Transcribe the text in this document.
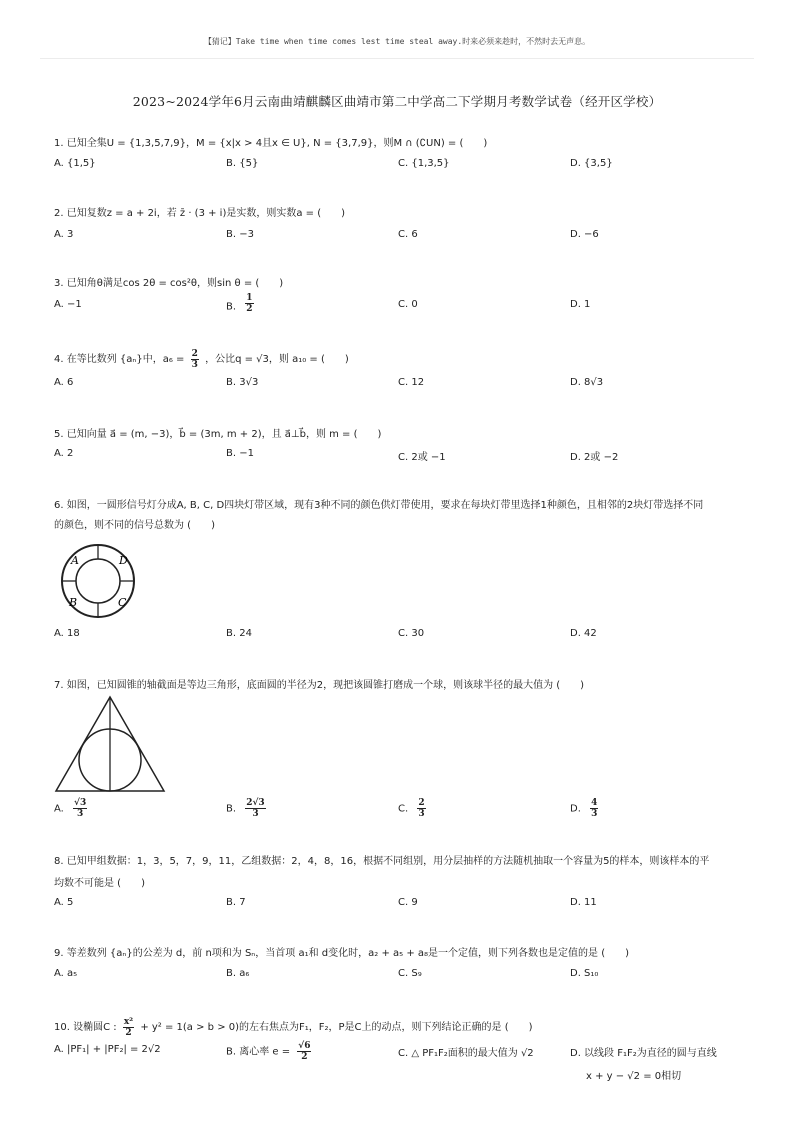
【猜记】Take time when time comes lest time steal away.时来必须来趁时，不然时去无声息。
2023~2024学年6月云南曲靖麒麟区曲靖市第二中学高二下学期月考数学试卷（经开区学校）
1. 已知全集U = {1,3,5,7,9}，M = {x|x > 4且x ∈ U}, N = {3,7,9}，则M ∩ (∁UN) = (　　)
A. {1,5}	B. {5}	C. {1,3,5}	D. {3,5}
2. 已知复数z = a + 2i，若 z̄ · (3 + i)是实数，则实数a = (　　)
A. 3	B. −3	C. 6	D. −6
3. 已知角θ满足cos 2θ = cos²θ，则sin θ = (　　)
A. −1	B. $\frac{1}{2}$	C. 0	D. 1
4. 在等比数列 {aₙ}中，$a_6 = \frac{2}{3}$ ，公比q = √3，则 a₁₀ = (　　)
A. 6	B. 3√3	C. 12	D. 8√3
5. 已知向量 a⃗ = (m, −3)，b⃗ = (3m, m + 2)，且 a⃗⊥b⃗，则 m = (　　)
A. 2	B. −1	C. 2或 −1	D. 2或 −2
6. 如图，一圆形信号灯分成A, B, C, D四块灯带区域，现有3种不同的颜色供灯带使用，要求在每块灯带里选择1种颜色，且相邻的2块灯带选择不同
的颜色，则不同的信号总数为 (　　)
A	D
B	C
A. 18	B. 24	C. 30	D. 42
7. 如图，已知圆锥的轴截面是等边三角形，底面圆的半径为2，现把该圆锥打磨成一个球，则该球半径的最大值为 (　　)
A. $\frac{√3}{3}$	B. $\frac{2√3}{3}$	C. $\frac{2}{3}$	D. $\frac{4}{3}$
8. 已知甲组数据：1，3，5，7，9，11，乙组数据：2，4，8，16，根据不同组别，用分层抽样的方法随机抽取一个容量为5的样本，则该样本的平
均数不可能是 (　　)
A. 5	B. 7	C. 9	D. 11
9. 等差数列 {aₙ}的公差为 d，前 n项和为 Sₙ，当首项 a₁和 d变化时，a₂ + a₅ + a₈是一个定值，则下列各数也是定值的是 (　　)
A. a₅	B. a₆	C. S₉	D. S₁₀
10. 设椭圆C : $\frac{\text{x²}}{2} + y^2 = 1(a > b > 0)$的左右焦点为F₁，F₂，P是C上的动点，则下列结论正确的是 (　　)
A. |PF₁| + |PF₂| = 2√2	B. 离心率 $e = \frac{√6}{2}$	C. △ PF₁F₂面积的最大值为 √2	D. 以线段 F₁F₂为直径的圆与直线
x + y − √2 = 0相切
